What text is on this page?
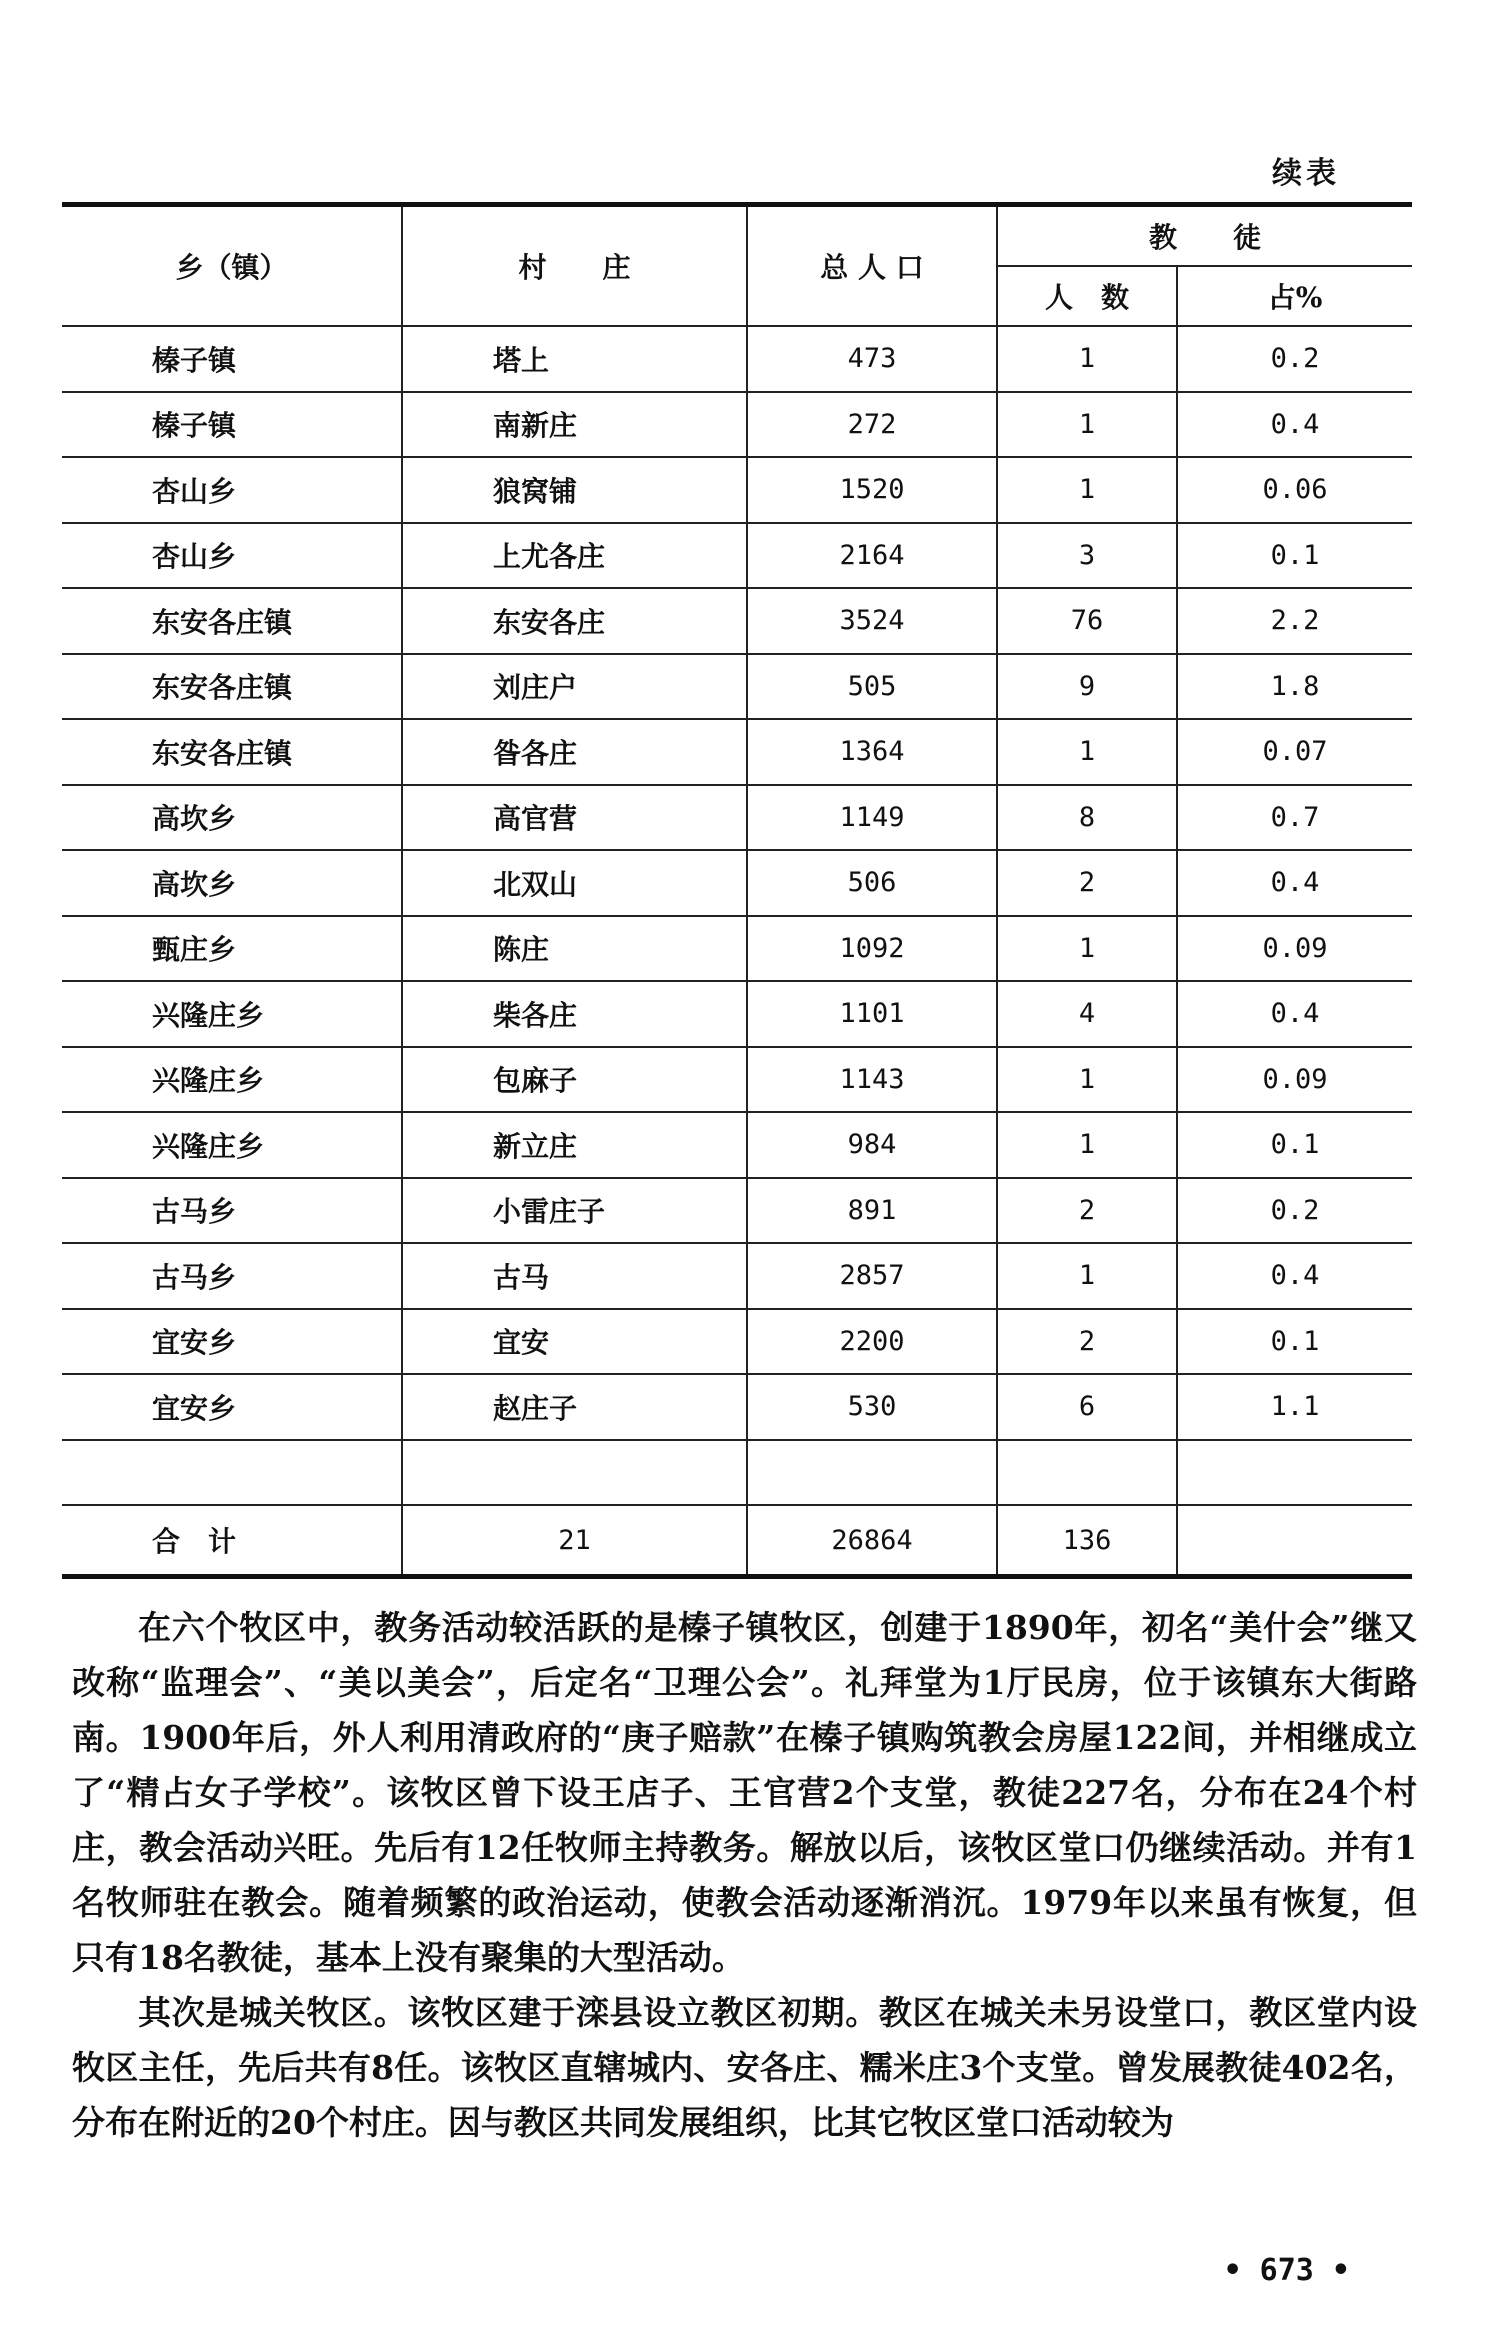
续表
乡（镇）	村　　庄	总 人 口	教　　徒	
			人　数	占%
榛子镇	塔上	473	1	0.2
榛子镇	南新庄	272	1	0.4
杏山乡	狼窝铺	1520	1	0.06
杏山乡	上尤各庄	2164	3	0.1
东安各庄镇	东安各庄	3524	76	2.2
东安各庄镇	刘庄户	505	9	1.8
东安各庄镇	昝各庄	1364	1	0.07
高坎乡	高官营	1149	8	0.7
高坎乡	北双山	506	2	0.4
甄庄乡	陈庄	1092	1	0.09
兴隆庄乡	柴各庄	1101	4	0.4
兴隆庄乡	包麻子	1143	1	0.09
兴隆庄乡	新立庄	984	1	0.1
古马乡	小雷庄子	891	2	0.2
古马乡	古马	2857	1	0.4
宜安乡	宜安	2200	2	0.1
宜安乡	赵庄子	530	6	1.1

合　计	21	26864	136	

在六个牧区中，教务活动较活跃的是榛子镇牧区，创建于1890年，初名“美什会”继又改称“监理会”、“美以美会”，后定名“卫理公会”。礼拜堂为1厅民房，位于该镇东大街路南。1900年后，外人利用清政府的“庚子赔款”在榛子镇购筑教会房屋122间，并相继成立了“精占女子学校”。该牧区曾下设王店子、王官营2个支堂，教徒227名，分布在24个村庄，教会活动兴旺。先后有12任牧师主持教务。解放以后，该牧区堂口仍继续活动。并有1名牧师驻在教会。随着频繁的政治运动，使教会活动逐渐消沉。1979年以来虽有恢复，但只有18名教徒，基本上没有聚集的大型活动。

其次是城关牧区。该牧区建于滦县设立教区初期。教区在城关未另设堂口，教区堂内设牧区主任，先后共有8任。该牧区直辖城内、安各庄、糯米庄3个支堂。曾发展教徒402名，分布在附近的20个村庄。因与教区共同发展组织，比其它牧区堂口活动较为

• 673 •
